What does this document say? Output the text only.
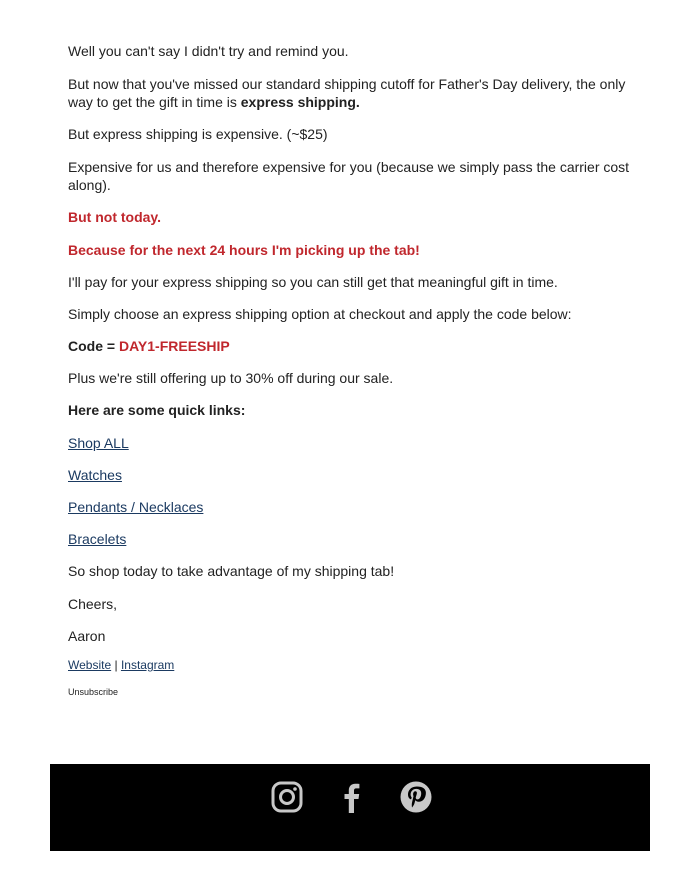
Well you can't say I didn't try and remind you.

But now that you've missed our standard shipping cutoff for Father's Day delivery, the only way to get the gift in time is express shipping.

But express shipping is expensive. (~$25)

Expensive for us and therefore expensive for you (because we simply pass the carrier cost along).

But not today.

Because for the next 24 hours I'm picking up the tab!

I'll pay for your express shipping so you can still get that meaningful gift in time.

Simply choose an express shipping option at checkout and apply the code below:

Code = DAY1-FREESHIP

Plus we're still offering up to 30% off during our sale.

Here are some quick links:

Shop ALL

Watches

Pendants / Necklaces

Bracelets

So shop today to take advantage of my shipping tab!

Cheers,

Aaron

Website | Instagram

Unsubscribe
